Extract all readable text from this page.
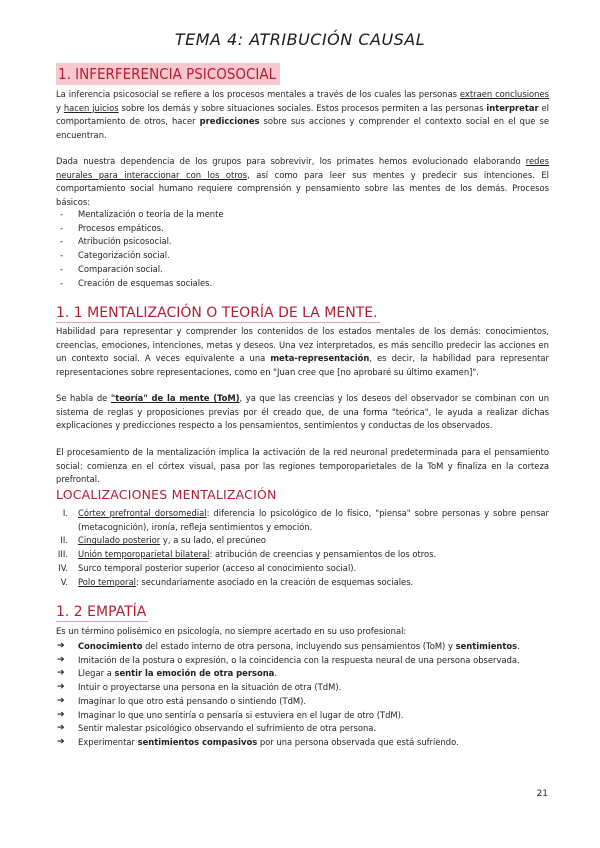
TEMA 4: ATRIBUCIÓN CAUSAL
1. INFERFERENCIA PSICOSOCIAL

La inferencia psicosocial se refiere a los procesos mentales a través de los cuales las personas extraen conclusiones y hacen juicios sobre los demás y sobre situaciones sociales. Estos procesos permiten a las personas interpretar el comportamiento de otros, hacer predicciones sobre sus acciones y comprender el contexto social en el que se encuentran.

Dada nuestra dependencia de los grupos para sobrevivir, los primates hemos evolucionado elaborando redes neurales para interaccionar con los otros, así como para leer sus mentes y predecir sus intenciones. El comportamiento social humano requiere comprensión y pensamiento sobre las mentes de los demás. Procesos básicos:

- Mentalización o teoría de la mente
- Procesos empáticos.
- Atribución psicosocial.
- Categorización social.
- Comparación social.
- Creación de esquemas sociales.
1. 1 MENTALIZACIÓN O TEORÍA DE LA MENTE.

Habilidad para representar y comprender los contenidos de los estados mentales de los demás: conocimientos, creencias, emociones, intenciones, metas y deseos. Una vez interpretados, es más sencillo predecir las acciones en un contexto social. A veces equivalente a una meta-representación, es decir, la habilidad para representar representaciones sobre representaciones, como en "Juan cree que [no aprobaré su último examen]".

Se habla de "teoría" de la mente (ToM), ya que las creencias y los deseos del observador se combinan con un sistema de reglas y proposiciones previas por él creado que, de una forma "teórica", le ayuda a realizar dichas explicaciones y predicciones respecto a los pensamientos, sentimientos y conductas de los observados.

El procesamiento de la mentalización implica la activación de la red neuronal predeterminada para el pensamiento social: comienza en el córtex visual, pasa por las regiones temporoparietales de la ToM y finaliza en la corteza prefrontal.

LOCALIZACIONES MENTALIZACIÓN
I. Córtex prefrontal dorsomedial: diferencia lo psicológico de lo físico, "piensa" sobre personas y sobre pensar (metacognición), ironía, refleja sentimientos y emoción.
II. Cingulado posterior y, a su lado, el precúneo
III. Unión temporoparietal bilateral: atribución de creencias y pensamientos de los otros.
IV. Surco temporal posterior superior (acceso al conocimiento social).
V. Polo temporal: secundariamente asociado en la creación de esquemas sociales.
1. 2 EMPATÍA

Es un término polisémico en psicología, no siempre acertado en su uso profesional:

➔ Conocimiento del estado interno de otra persona, incluyendo sus pensamientos (ToM) y sentimientos.
➔ Imitación de la postura o expresión, o la coincidencia con la respuesta neural de una persona observada.
➔ Llegar a sentir la emoción de otra persona.
➔ Intuir o proyectarse una persona en la situación de otra (TdM).
➔ Imaginar lo que otro está pensando o sintiendo (TdM).
➔ Imaginar lo que uno sentiría o pensaría si estuviera en el lugar de otro (TdM).
➔ Sentir malestar psicológico observando el sufrimiento de otra persona.
➔ Experimentar sentimientos compasivos por una persona observada que está sufriendo.
21
